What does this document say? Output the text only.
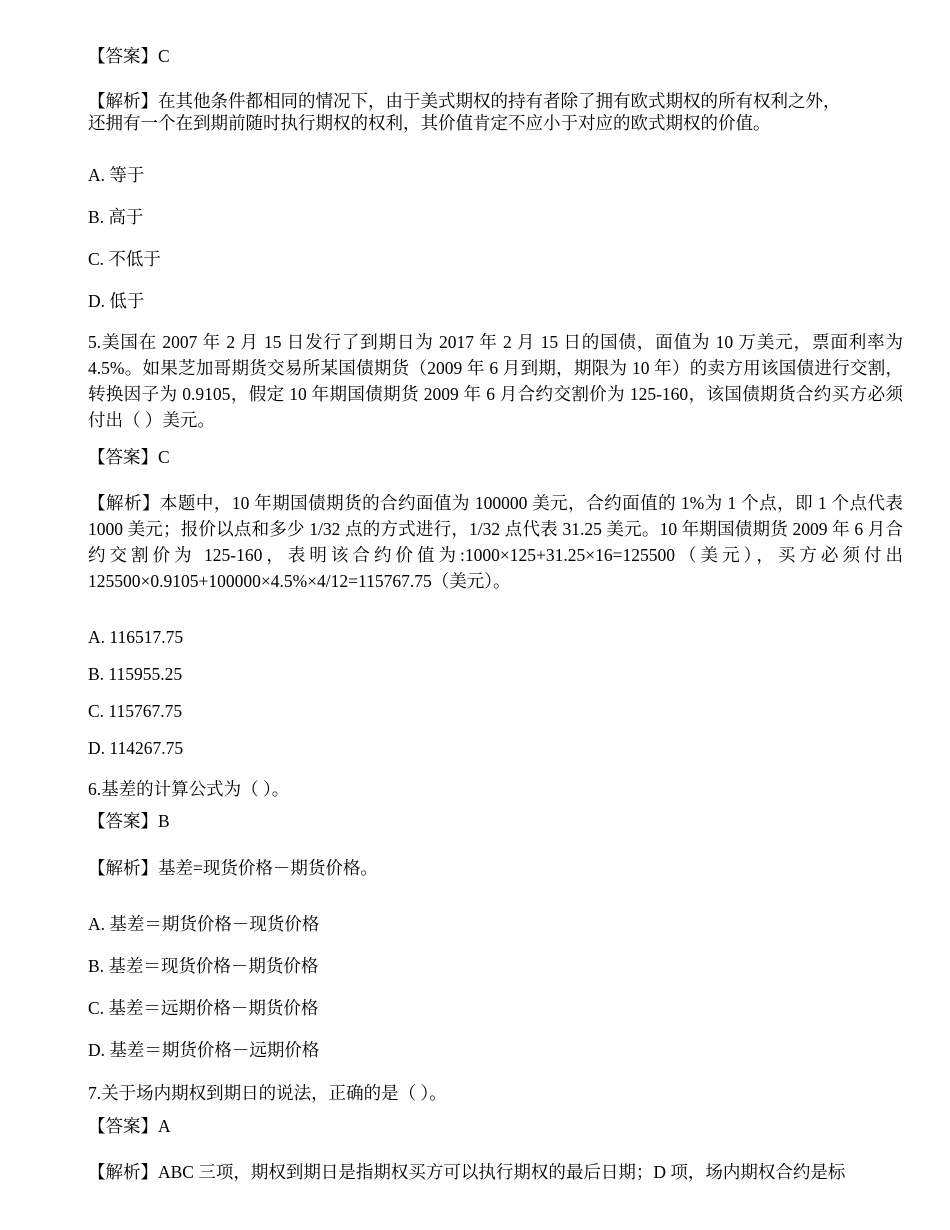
【答案】C
【解析】在其他条件都相同的情况下，由于美式期权的持有者除了拥有欧式期权的所有权利之外，
还拥有一个在到期前随时执行期权的权利，其价值肯定不应小于对应的欧式期权的价值。
A. 等于
B. 高于
C. 不低于
D. 低于
5.美国在 2007 年 2 月 15 日发行了到期日为 2017 年 2 月 15 日的国债，面值为 10 万美元，票面利率为 4.5%。如果芝加哥期货交易所某国债期货（2009 年 6 月到期，期限为 10 年）的卖方用该国债进行交割，转换因子为 0.9105，假定 10 年期国债期货 2009 年 6 月合约交割价为 125-160，该国债期货合约买方必须付出（ ）美元。
【答案】C
【解析】本题中，10 年期国债期货的合约面值为 100000 美元，合约面值的 1%为 1 个点，即 1 个点代表 1000 美元；报价以点和多少 1/32 点的方式进行，1/32 点代表 31.25 美元。10 年期国债期货 2009 年 6 月合约交割价为 125-160，表明该合约价值为:1000×125+31.25×16=125500（美元），买方必须付出 125500×0.9105+100000×4.5%×4/12=115767.75（美元）。
A. 116517.75
B. 115955.25
C. 115767.75
D. 114267.75
6.基差的计算公式为（ ）。
【答案】B
【解析】基差=现货价格－期货价格。
A. 基差＝期货价格－现货价格
B. 基差＝现货价格－期货价格
C. 基差＝远期价格－期货价格
D. 基差＝期货价格－远期价格
7.关于场内期权到期日的说法，正确的是（ ）。
【答案】A
【解析】ABC 三项，期权到期日是指期权买方可以执行期权的最后日期；D 项，场内期权合约是标
